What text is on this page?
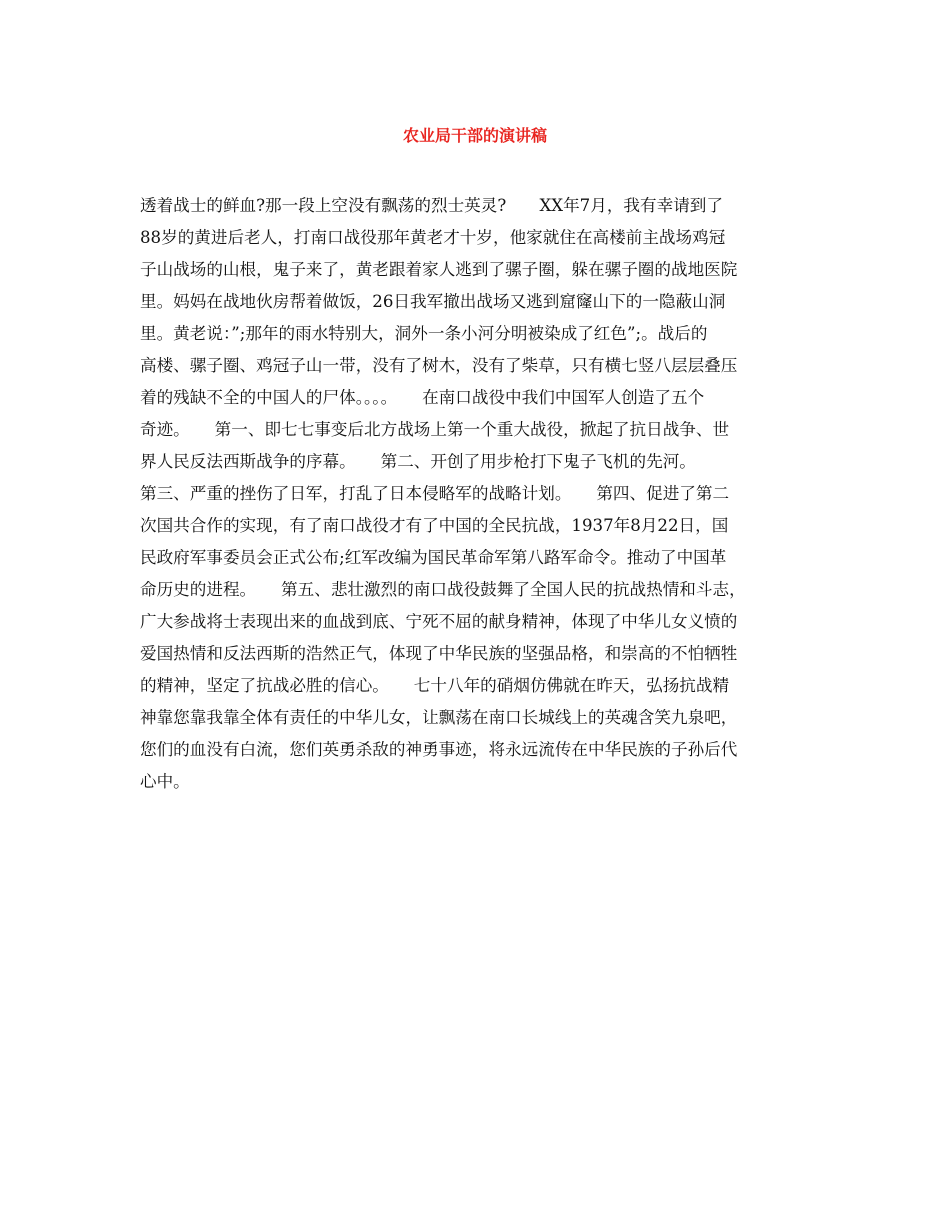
农业局干部的演讲稿
透着战士的鲜血?那一段上空没有飘荡的烈士英灵?　　XX年7月，我有幸请到了
88岁的黄进后老人，打南口战役那年黄老才十岁，他家就住在高楼前主战场鸡冠
子山战场的山根，鬼子来了，黄老跟着家人逃到了骡子圈，躲在骡子圈的战地医院
里。妈妈在战地伙房帮着做饭，26日我军撤出战场又逃到窟窿山下的一隐蔽山洞
里。黄老说：”;那年的雨水特别大，洞外一条小河分明被染成了红色”;。战后的
高楼、骡子圈、鸡冠子山一带，没有了树木，没有了柴草，只有横七竖八层层叠压
着的残缺不全的中国人的尸体。。。。　　在南口战役中我们中国军人创造了五个
奇迹。　　第一、即七七事变后北方战场上第一个重大战役，掀起了抗日战争、世
界人民反法西斯战争的序幕。　　第二、开创了用步枪打下鬼子飞机的先河。
第三、严重的挫伤了日军，打乱了日本侵略军的战略计划。　　第四、促进了第二
次国共合作的实现，有了南口战役才有了中国的全民抗战，1937年8月22日，国
民政府军事委员会正式公布;红军改编为国民革命军第八路军命令。推动了中国革
命历史的进程。　　第五、悲壮激烈的南口战役鼓舞了全国人民的抗战热情和斗志，
广大参战将士表现出来的血战到底、宁死不屈的献身精神，体现了中华儿女义愤的
爱国热情和反法西斯的浩然正气，体现了中华民族的坚强品格，和崇高的不怕牺牲
的精神，坚定了抗战必胜的信心。　　七十八年的硝烟仿佛就在昨天，弘扬抗战精
神靠您靠我靠全体有责任的中华儿女，让飘荡在南口长城线上的英魂含笑九泉吧，
您们的血没有白流，您们英勇杀敌的神勇事迹，将永远流传在中华民族的子孙后代
心中。
